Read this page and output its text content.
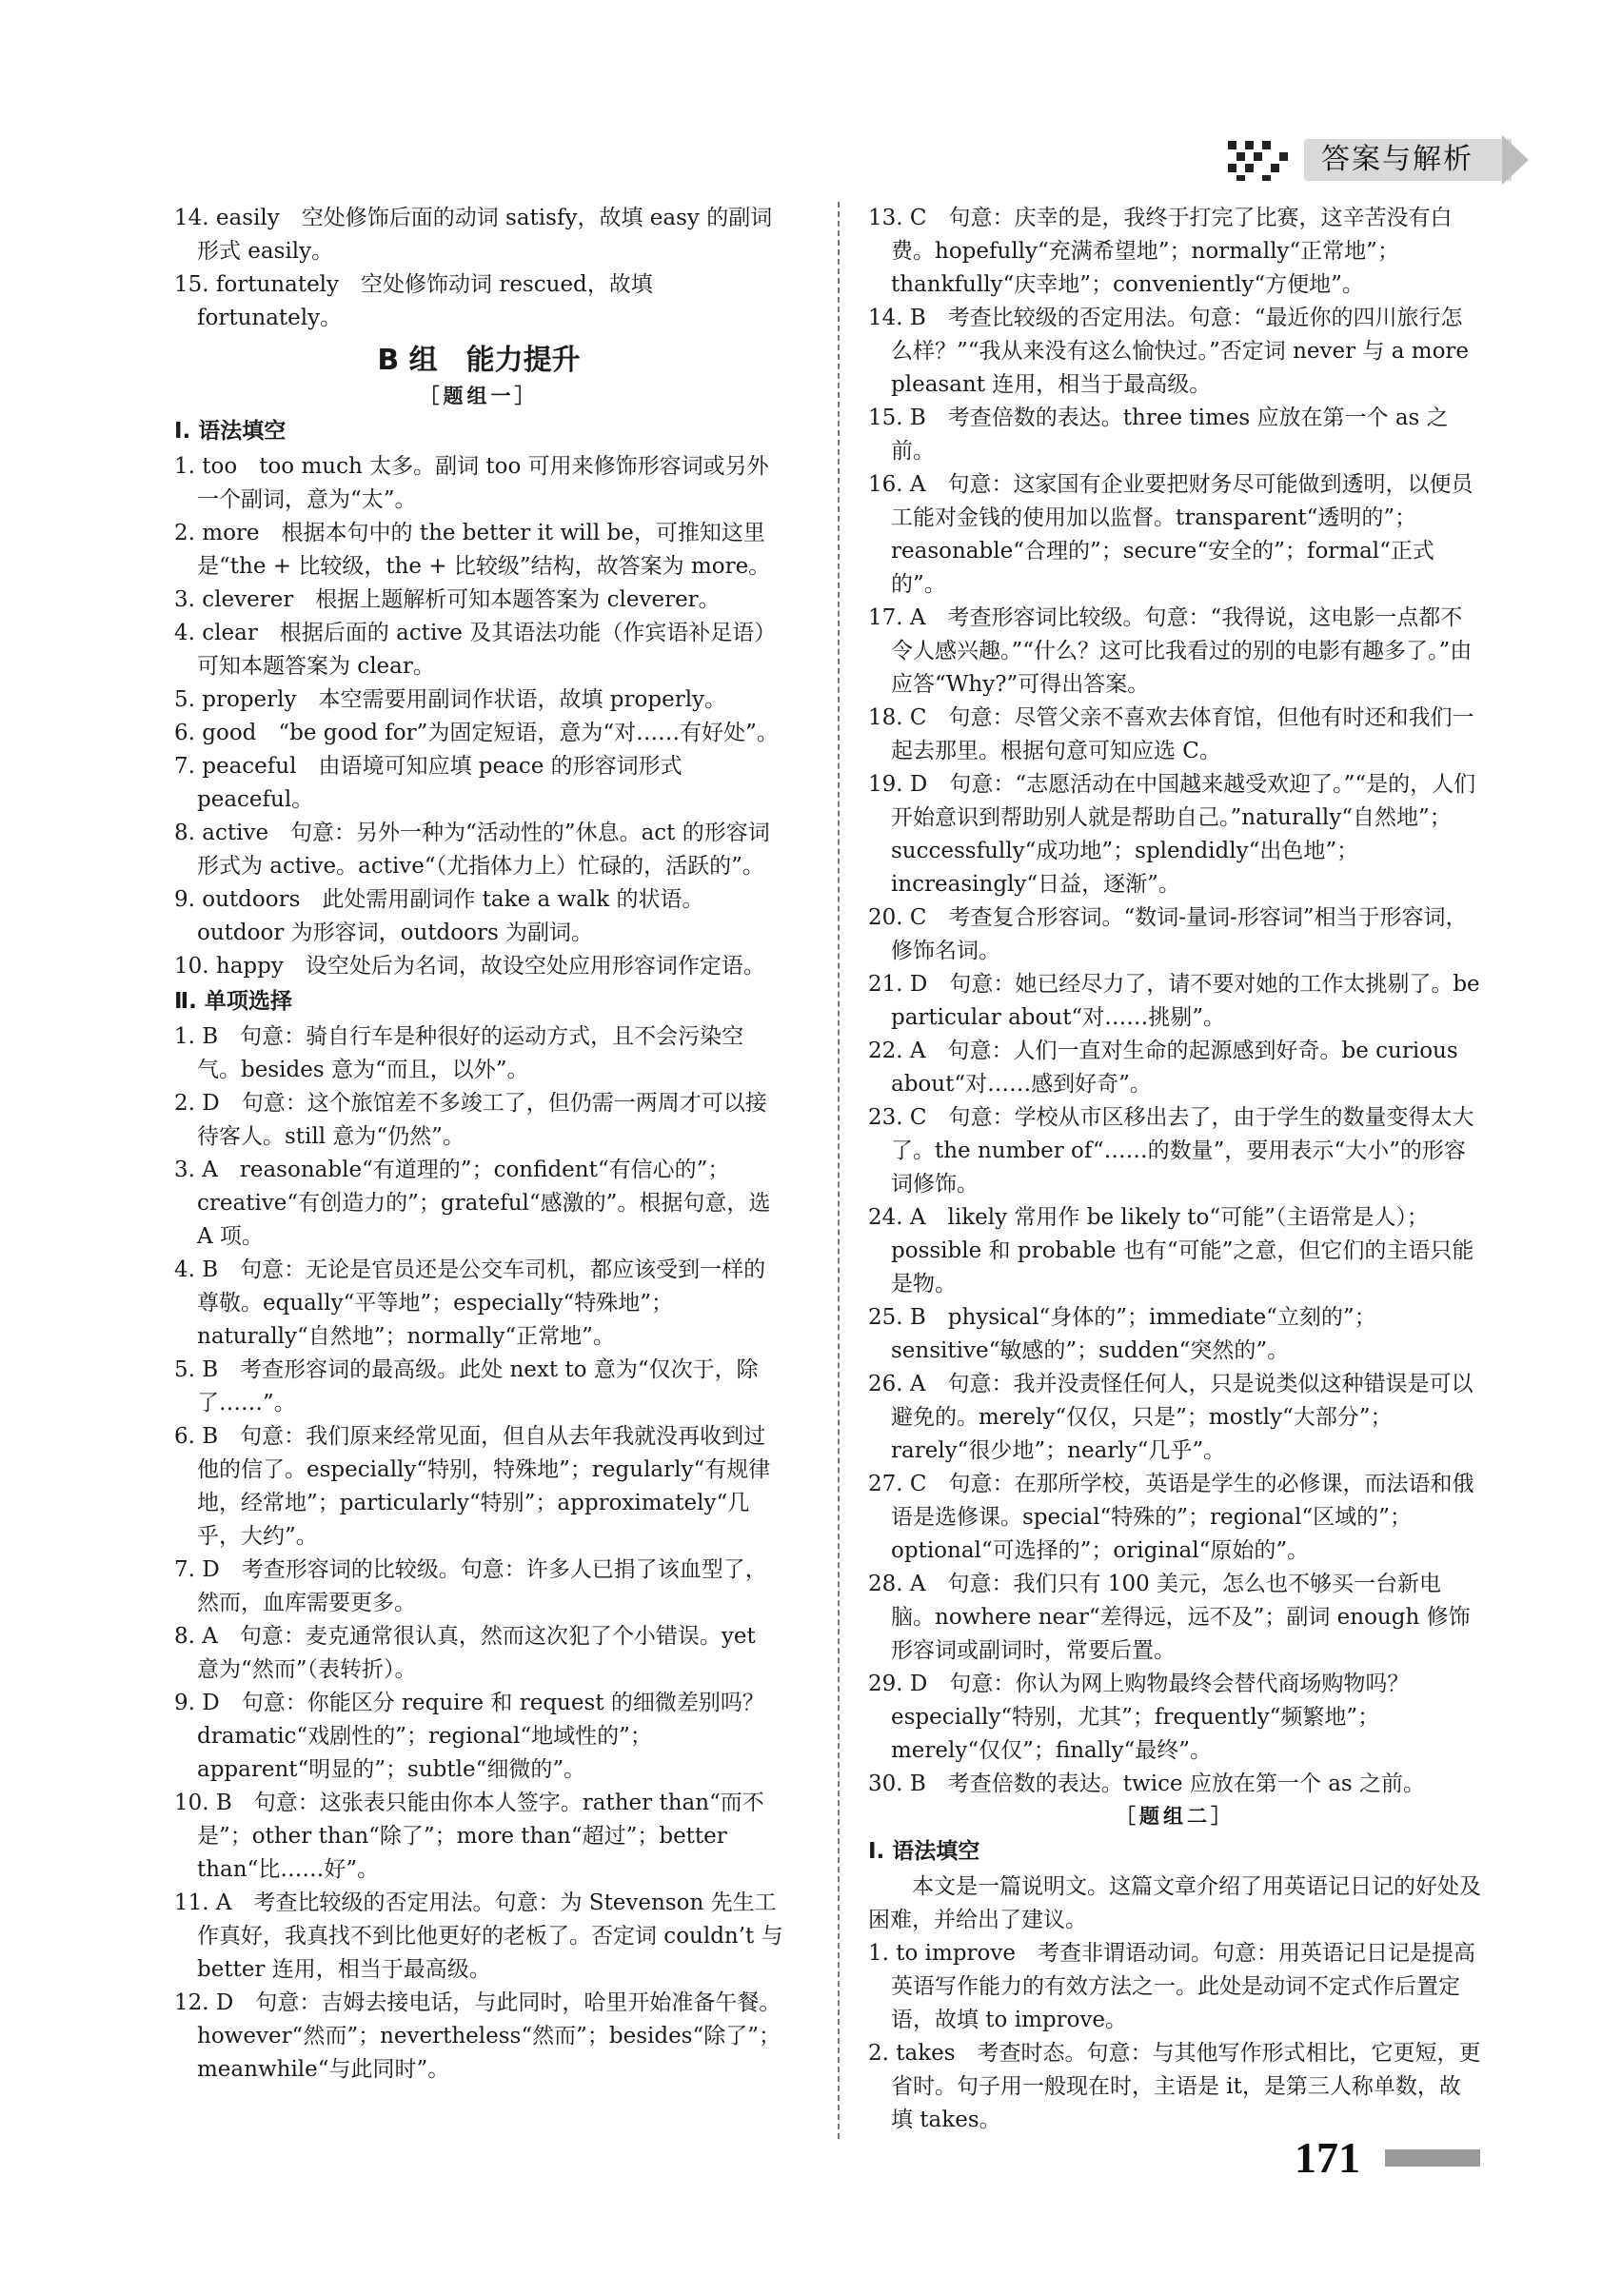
答案与解析
14. easily　空处修饰后面的动词 satisfy，故填 easy 的副词形式 easily。
15. fortunately　空处修饰动词 rescued，故填 fortunately。
B 组　能力提升
［题组一］
Ⅰ. 语法填空
1. too　too much 太多。副词 too 可用来修饰形容词或另外一个副词，意为“太”。
2. more　根据本句中的 the better it will be，可推知这里是“the + 比较级，the + 比较级”结构，故答案为 more。
3. cleverer　根据上题解析可知本题答案为 cleverer。
4. clear　根据后面的 active 及其语法功能（作宾语补足语）可知本题答案为 clear。
5. properly　本空需要用副词作状语，故填 properly。
6. good　“be good for”为固定短语，意为“对……有好处”。
7. peaceful　由语境可知应填 peace 的形容词形式 peaceful。
8. active　句意：另外一种为“活动性的”休息。act 的形容词形式为 active。active“（尤指体力上）忙碌的，活跃的”。
9. outdoors　此处需用副词作 take a walk 的状语。outdoor 为形容词，outdoors 为副词。
10. happy　设空处后为名词，故设空处应用形容词作定语。
Ⅱ. 单项选择
1. B　句意：骑自行车是种很好的运动方式，且不会污染空气。besides 意为“而且，以外”。
2. D　句意：这个旅馆差不多竣工了，但仍需一两周才可以接待客人。still 意为“仍然”。
3. A　reasonable“有道理的”；confident“有信心的”；creative“有创造力的”；grateful“感激的”。根据句意，选 A 项。
4. B　句意：无论是官员还是公交车司机，都应该受到一样的尊敬。equally“平等地”；especially“特殊地”；naturally“自然地”；normally“正常地”。
5. B　考查形容词的最高级。此处 next to 意为“仅次于，除了……”。
6. B　句意：我们原来经常见面，但自从去年我就没再收到过他的信了。especially“特别，特殊地”；regularly“有规律地，经常地”；particularly“特别”；approximately“几乎，大约”。
7. D　考查形容词的比较级。句意：许多人已捐了该血型了，然而，血库需要更多。
8. A　句意：麦克通常很认真，然而这次犯了个小错误。yet 意为“然而”（表转折）。
9. D　句意：你能区分 require 和 request 的细微差别吗？dramatic“戏剧性的”；regional“地域性的”；apparent“明显的”；subtle“细微的”。
10. B　句意：这张表只能由你本人签字。rather than“而不是”；other than“除了”；more than“超过”；better than“比……好”。
11. A　考查比较级的否定用法。句意：为 Stevenson 先生工作真好，我真找不到比他更好的老板了。否定词 couldn’t 与 better 连用，相当于最高级。
12. D　句意：吉姆去接电话，与此同时，哈里开始准备午餐。however“然而”；nevertheless“然而”；besides“除了”；meanwhile“与此同时”。
13. C　句意：庆幸的是，我终于打完了比赛，这辛苦没有白费。hopefully“充满希望地”；normally“正常地”；thankfully“庆幸地”；conveniently“方便地”。
14. B　考查比较级的否定用法。句意：“最近你的四川旅行怎么样？”“我从来没有这么愉快过。”否定词 never 与 a more pleasant 连用，相当于最高级。
15. B　考查倍数的表达。three times 应放在第一个 as 之前。
16. A　句意：这家国有企业要把财务尽可能做到透明，以便员工能对金钱的使用加以监督。transparent“透明的”；reasonable“合理的”；secure“安全的”；formal“正式的”。
17. A　考查形容词比较级。句意：“我得说，这电影一点都不令人感兴趣。”“什么？这可比我看过的别的电影有趣多了。”由应答“Why?”可得出答案。
18. C　句意：尽管父亲不喜欢去体育馆，但他有时还和我们一起去那里。根据句意可知应选 C。
19. D　句意：“志愿活动在中国越来越受欢迎了。”“是的，人们开始意识到帮助别人就是帮助自己。”naturally“自然地”；successfully“成功地”；splendidly“出色地”；increasingly“日益，逐渐”。
20. C　考查复合形容词。“数词-量词-形容词”相当于形容词，修饰名词。
21. D　句意：她已经尽力了，请不要对她的工作太挑剔了。be particular about“对……挑剔”。
22. A　句意：人们一直对生命的起源感到好奇。be curious about“对……感到好奇”。
23. C　句意：学校从市区移出去了，由于学生的数量变得太大了。the number of“……的数量”，要用表示“大小”的形容词修饰。
24. A　likely 常用作 be likely to“可能”（主语常是人）；possible 和 probable 也有“可能”之意，但它们的主语只能是物。
25. B　physical“身体的”；immediate“立刻的”；sensitive“敏感的”；sudden“突然的”。
26. A　句意：我并没责怪任何人，只是说类似这种错误是可以避免的。merely“仅仅，只是”；mostly“大部分”；rarely“很少地”；nearly“几乎”。
27. C　句意：在那所学校，英语是学生的必修课，而法语和俄语是选修课。special“特殊的”；regional“区域的”；optional“可选择的”；original“原始的”。
28. A　句意：我们只有 100 美元，怎么也不够买一台新电脑。nowhere near“差得远，远不及”；副词 enough 修饰形容词或副词时，常要后置。
29. D　句意：你认为网上购物最终会替代商场购物吗？especially“特别，尤其”；frequently“频繁地”；merely“仅仅”；finally“最终”。
30. B　考查倍数的表达。twice 应放在第一个 as 之前。
［题组二］
Ⅰ. 语法填空
本文是一篇说明文。这篇文章介绍了用英语记日记的好处及困难，并给出了建议。
1. to improve　考查非谓语动词。句意：用英语记日记是提高英语写作能力的有效方法之一。此处是动词不定式作后置定语，故填 to improve。
2. takes　考查时态。句意：与其他写作形式相比，它更短，更省时。句子用一般现在时，主语是 it，是第三人称单数，故填 takes。
171
